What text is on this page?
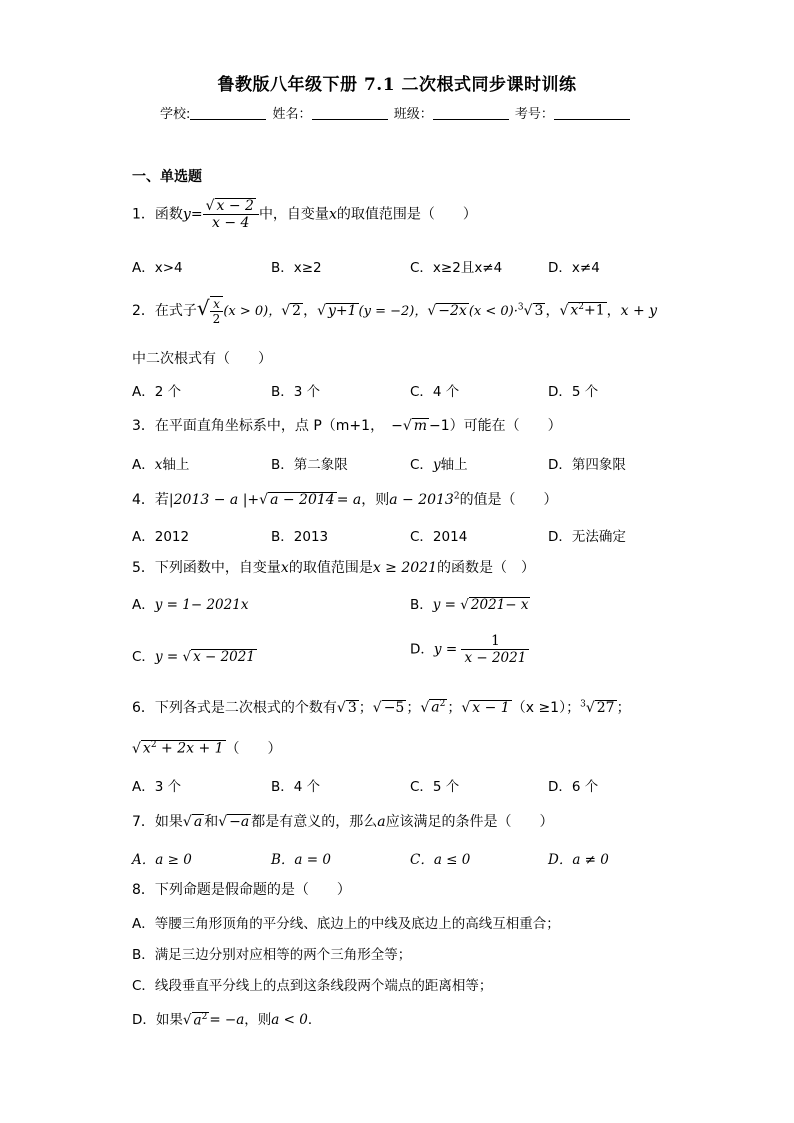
鲁教版八年级下册 7.1 二次根式同步课时训练
学校:	姓名：	班级：	考号：
一、单选题
1．函数$y= \frac{√ x - 2}{x - 4}$ 中，自变量x的取值范围是（　　）
A．x>4	B．x≥2	C．x≥2且x≠4	D．x≠4
2．在式子√ $\frac{x}{2} (x > 0)$，√ 2 ，√ y+1 (y = −2)，√ −2x (x < 0)·$^3$√ 3 ，√ $x^2+1$ ，x + y
中二次根式有（　　）
A．2 个	B．3 个	C．4 个	D．5 个
3．在平面直角坐标系中，点 P（m+1，　−√ m −1）可能在（　　）
A．x轴上	B．第二象限	C．y轴上	D．第四象限
4．若|2013 − a |+√ a − 2014 = a，则$a - 2013^2$的值是（　　）
A．2012	B．2013	C．2014	D．无法确定
5．下列函数中，自变量x的取值范围是x ≥ 2021的函数是（　）
A．y = 1− 2021x	B．y = √ 2021− x
C．y = √ x − 2021	D．$y = \frac{1}{x - 2021}$
6．下列各式是二次根式的个数有√ 3 ；√ −5 ；√ $a^2$ ；√ x − 1 （x ≥1）；$^3$√ 27 ；
√ $x^2 + 2x + 1$ （　　）
A．3 个	B．4 个	C．5 个	D．6 个
7．如果√ a 和√ −a 都是有意义的，那么a应该满足的条件是（　　）
A．a ≥ 0	B．a = 0	C．a ≤ 0	D．a ≠ 0
8．下列命题是假命题的是（　　）
A．等腰三角形顶角的平分线、底边上的中线及底边上的高线互相重合；
B．满足三边分别对应相等的两个三角形全等；
C．线段垂直平分线上的点到这条线段两个端点的距离相等；
D．如果√ $a^2 = -a$，则a < 0．
